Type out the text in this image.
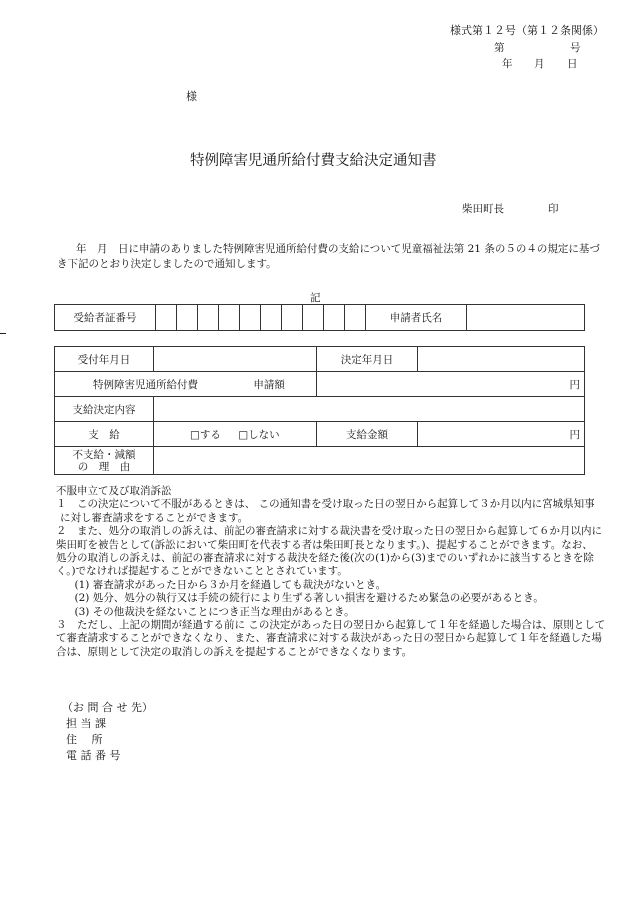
様式第１２号（第１２条関係）
第	号
年 月 日
様
特例障害児通所給付費支給決定通知書
柴田町長	印
年　月　日に申請のありました特例障害児通所給付費の支給について児童福祉法第 21 条の５の４の規定に基づ
き下記のとおり決定しましたので通知します。
記
受給者証番号											申請者氏名	
受付年月日		決定年月日	
特例障害児通所給付費 申請額		円	
支給決定内容			
支　給	□する □しない	支給金額	円

不支給・減額
の　理　由			

不服申立て及び取消訴訟

１　この決定について不服があるときは、 この通知書を受け取った日の翌日から起算して３か月以内に宮城県知事

に対し審査請求をすることができます。

２　また、処分の取消しの訴えは、前記の審査請求に対する裁決書を受け取った日の翌日から起算して６か月以内に

柴田町を被告として(訴訟において柴田町を代表する者は柴田町長となります。)、提起することができます。なお、

処分の取消しの訴えは、前記の審査請求に対する裁決を経た後(次の(1)から(3)までのいずれかに該当するときを除

く。)でなければ提起することができないこととされています。

　(1) 審査請求があった日から３か月を経過しても裁決がないとき。

　(2) 処分、処分の執行又は手続の続行により生ずる著しい損害を避けるため緊急の必要があるとき。

　(3) その他裁決を経ないことにつき正当な理由があるとき。

３　ただし、上記の期間が経過する前に この決定があった日の翌日から起算して１年を経過した場合は、原則として

て審査請求することができなくなり、また、審査請求に対する裁決があった日の翌日から起算して１年を経過した場

合は、原則として決定の取消しの訴えを提起することができなくなります。

（お 問 合 せ 先）
担 当 課
住　 所
電 話 番 号
